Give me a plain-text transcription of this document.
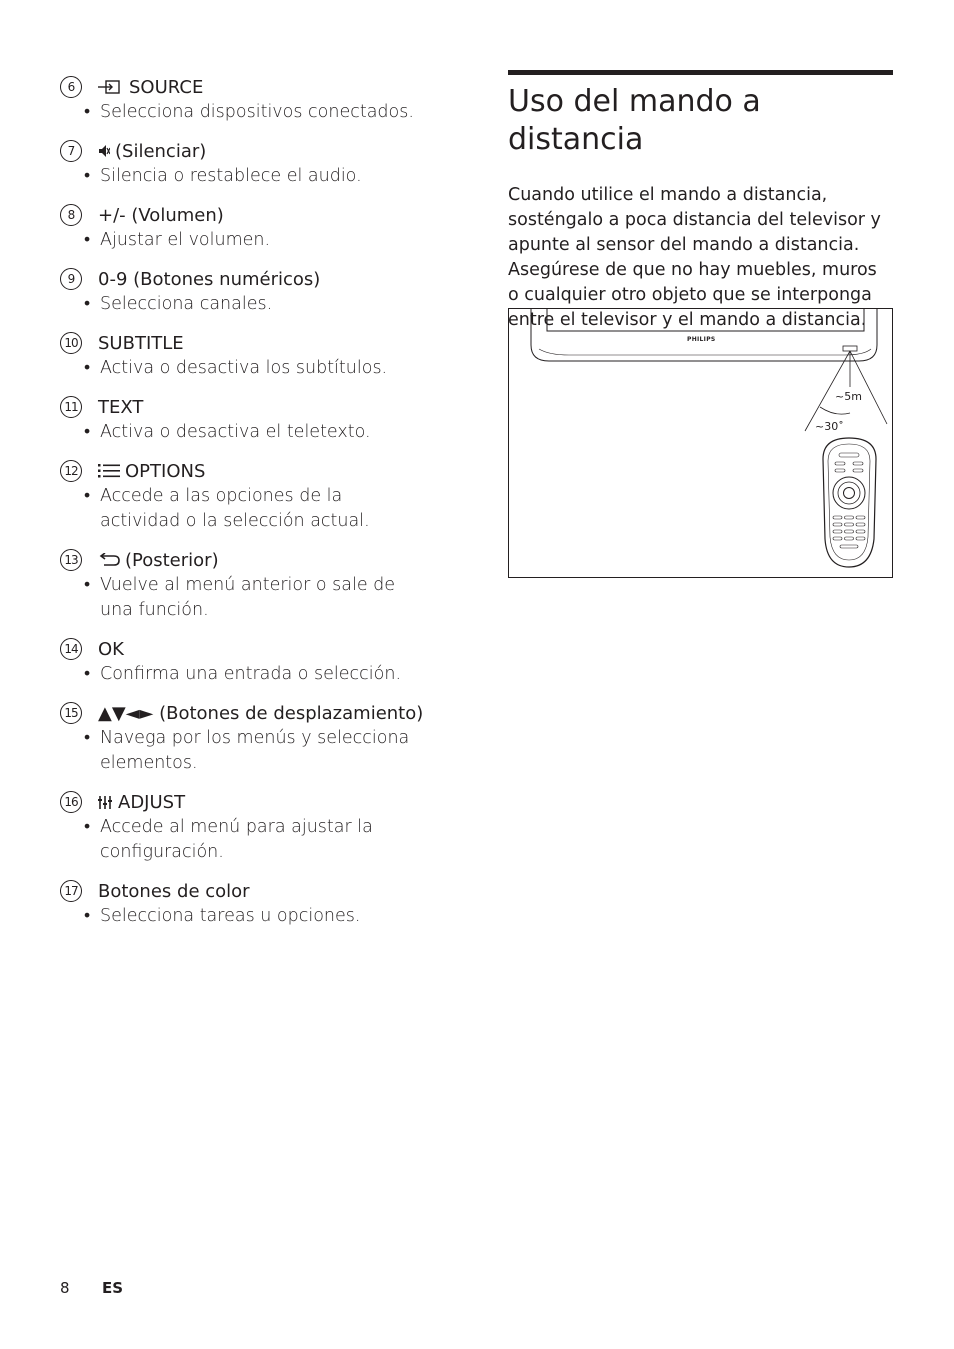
6	SOURCE
• Selecciona dispositivos conectados.
7	(Silenciar)
• Silencia o restablece el audio.
8	+/- (Volumen)
• Ajustar el volumen.
9	0-9 (Botones numéricos)
• Selecciona canales.
10 SUBTITLE
• Activa o desactiva los subtítulos.
11 TEXT
• Activa o desactiva el teletexto.
12	OPTIONS
• Accede a las opciones de la actividad o la selección actual.
13	(Posterior)
• Vuelve al menú anterior o sale de una función.
14 OK
• Confirma una entrada o selección.
15 ▲▼◄► (Botones de desplazamiento)
• Navega por los menús y selecciona elementos.
16 ADJUST
• Accede al menú para ajustar la configuración.
17 Botones de color
• Selecciona tareas u opciones.
Uso del mando a distancia
Cuando utilice el mando a distancia, sosténgalo a poca distancia del televisor y apunte al sensor del mando a distancia. Asegúrese de que no hay muebles, muros o cualquier otro objeto que se interponga entre el televisor y el mando a distancia.
PHILIPS
~5m
~30˚
8	ES
